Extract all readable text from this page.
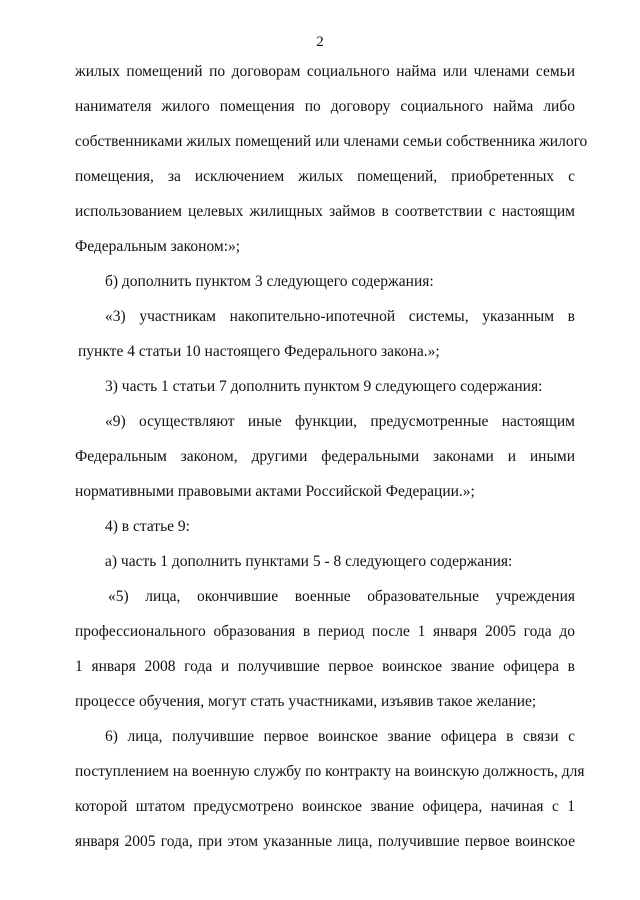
2
жилых помещений по договорам социального найма или членами семьи
нанимателя жилого помещения по договору социального найма либо
собственниками жилых помещений или членами семьи собственника жилого
помещения, за исключением жилых помещений, приобретенных с
использованием целевых жилищных займов в соответствии с настоящим
Федеральным законом:»;
б) дополнить пунктом 3 следующего содержания:
«3) участникам накопительно-ипотечной системы, указанным в
пункте 4 статьи 10 настоящего Федерального закона.»;
3) часть 1 статьи 7 дополнить пунктом 9 следующего содержания:
«9) осуществляют иные функции, предусмотренные настоящим
Федеральным законом, другими федеральными законами и иными
нормативными правовыми актами Российской Федерации.»;
4) в статье 9:
а) часть 1 дополнить пунктами 5 - 8 следующего содержания:
«5) лица, окончившие военные образовательные учреждения
профессионального образования в период после 1 января 2005 года до
1 января 2008 года и получившие первое воинское звание офицера в
процессе обучения, могут стать участниками, изъявив такое желание;
6) лица, получившие первое воинское звание офицера в связи с
поступлением на военную службу по контракту на воинскую должность, для
которой штатом предусмотрено воинское звание офицера, начиная с 1
января 2005 года, при этом указанные лица, получившие первое воинское
